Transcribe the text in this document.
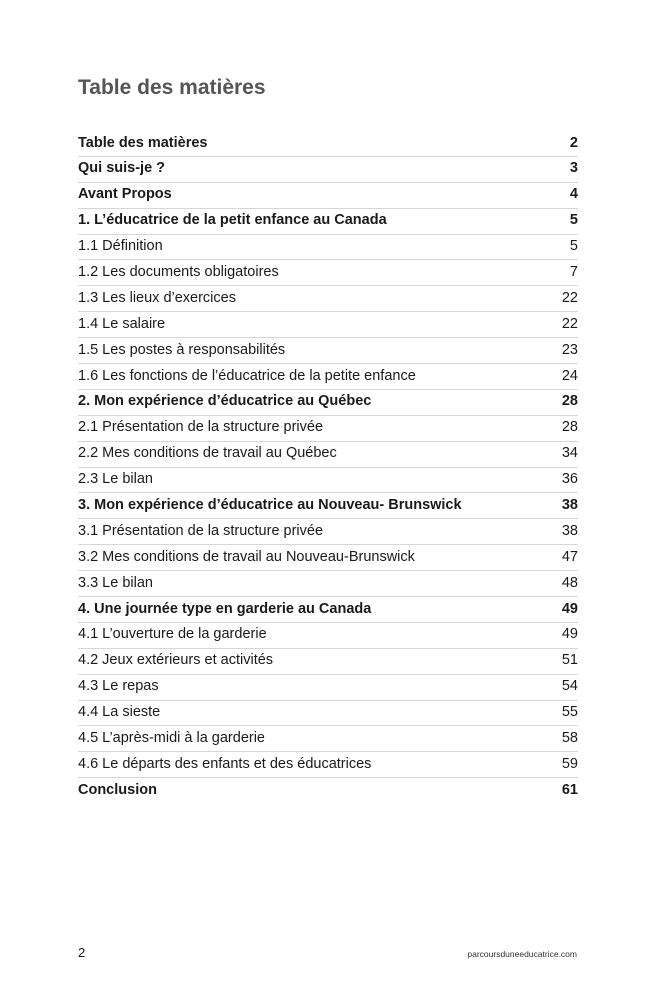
Table des matières
Table des matières	2
Qui suis-je ?	3
Avant Propos	4
1. L’éducatrice de la petit enfance au Canada	5
1.1 Définition	5
1.2 Les documents obligatoires	7
1.3 Les lieux d’exercices	22
1.4 Le salaire	22
1.5 Les postes à responsabilités	23
1.6 Les fonctions de l’éducatrice de la petite enfance	24
2. Mon expérience d’éducatrice au Québec	28
2.1 Présentation de la structure privée	28
2.2 Mes conditions de travail au Québec	34
2.3 Le bilan	36
3. Mon expérience d’éducatrice au Nouveau- Brunswick	38
3.1 Présentation de la structure privée	38
3.2 Mes conditions de travail au Nouveau-Brunswick	47
3.3 Le bilan	48
4. Une journée type en garderie au Canada	49
4.1 L’ouverture de la garderie	49
4.2 Jeux extérieurs et activités	51
4.3 Le repas	54
4.4 La sieste	55
4.5 L’après-midi à la garderie	58
4.6 Le départs des enfants et des éducatrices	59
Conclusion	61
2	parcoursduneeducatrice.com
